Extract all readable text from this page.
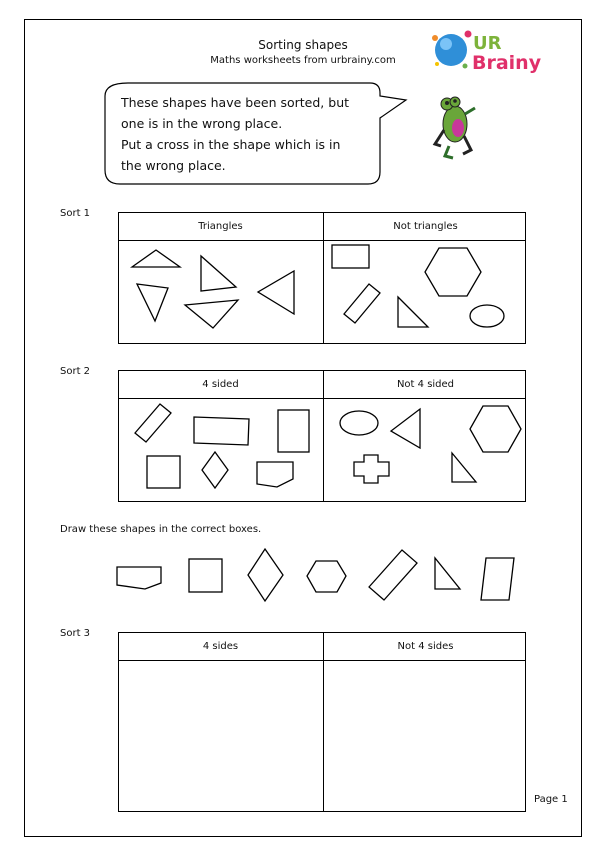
Sorting shapes
Maths worksheets from urbrainy.com
UR
Brainy
These shapes have been sorted, but
one is in the wrong place.
Put a cross in the shape which is in
the wrong place.
Sort 1
Triangles	Not triangles
Sort 2
4 sided	Not 4 sided
Draw these shapes in the correct boxes.
Sort 3
4 sides	Not 4 sides
Page 1
